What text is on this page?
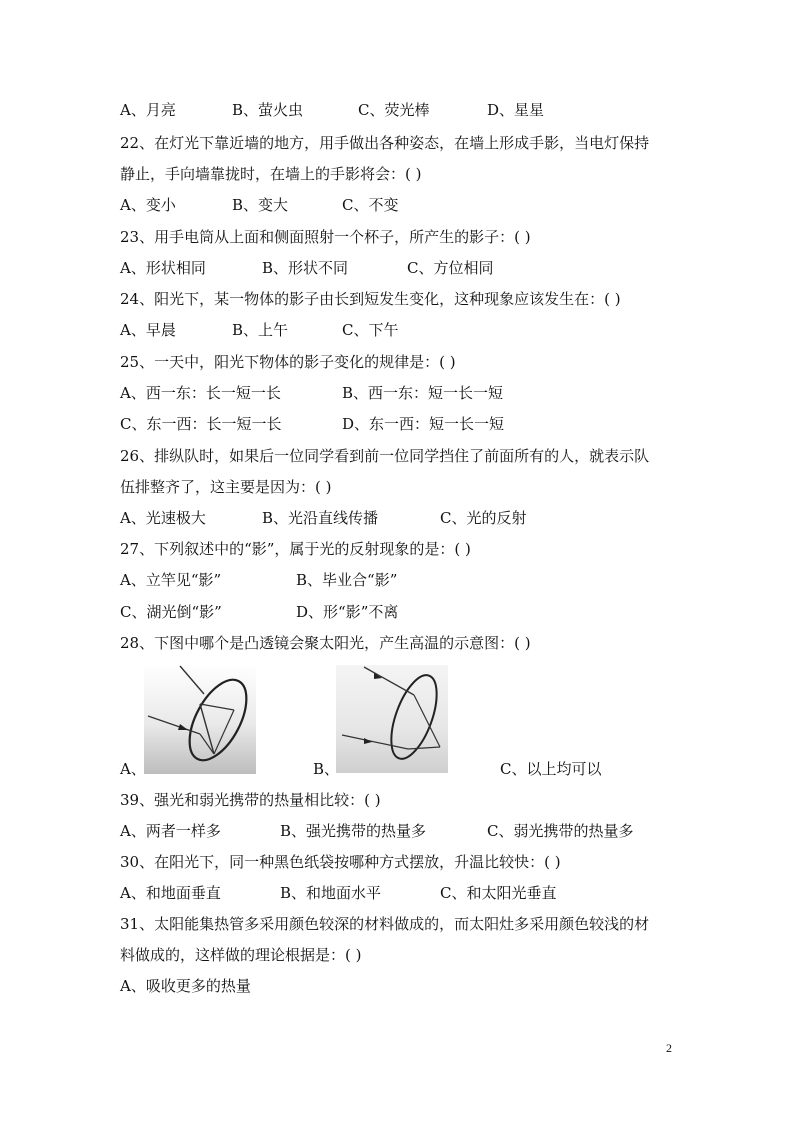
A、月亮	B、萤火虫	C、荧光棒	D、星星
22、在灯光下靠近墙的地方，用手做出各种姿态，在墙上形成手影，当电灯保持
静止，手向墙靠拢时，在墙上的手影将会：( )
A、变小	B、变大	C、不变
23、用手电筒从上面和侧面照射一个杯子，所产生的影子：( )
A、形状相同	B、形状不同	C、方位相同
24、阳光下，某一物体的影子由长到短发生变化，这种现象应该发生在：( )
A、早晨	B、上午	C、下午
25、一天中，阳光下物体的影子变化的规律是：( )
A、西一东：长一短一长	B、西一东：短一长一短
C、东一西：长一短一长	D、东一西：短一长一短
26、排纵队时，如果后一位同学看到前一位同学挡住了前面所有的人，就表示队
伍排整齐了，这主要是因为：( )
A、光速极大	B、光沿直线传播	C、光的反射
27、下列叙述中的“影”，属于光的反射现象的是：( )
A、立竿见“影”	B、毕业合“影”
C、湖光倒“影”	D、形“影”不离
28、下图中哪个是凸透镜会聚太阳光，产生高温的示意图：( )
A、	B、	C、以上均可以
39、强光和弱光携带的热量相比较：( )
A、两者一样多	B、强光携带的热量多	C、弱光携带的热量多
30、在阳光下，同一种黑色纸袋按哪种方式摆放，升温比较快：( )
A、和地面垂直	B、和地面水平	C、和太阳光垂直
31、太阳能集热管多采用颜色较深的材料做成的，而太阳灶多采用颜色较浅的材
料做成的，这样做的理论根据是：( )
A、吸收更多的热量
2
